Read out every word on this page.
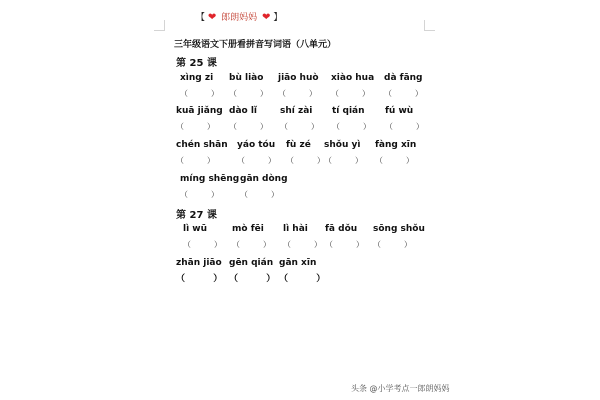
【 ❤ 郎朗妈妈 ❤ 】
三年级语文下册看拼音写词语（八单元）
第 25 课
xìng zi
（         ）
bù liào
（         ）
jiāo huò
（         ）
xiào hua
（         ）
dà fāng
（         ）
kuā jiǎng
（         ）
dào lǐ
（         ）
shí zài
（         ）
tí qián
（         ）
fú wù
（         ）
chén shān
（         ）
yáo tóu
（         ）
fù zé
（         ）
shǒu yì
（         ）
fàng xīn
（         ）
míng shēng
（         ）
gān dòng
（         ）
第 27 课
lì wū
（         ）
mò fēi
（         ）
lì hài
（         ）
fā dǒu
（         ）
sōng shǒu
（         ）
zhān jiāo
（         ）
gēn qián
（         ）
gān xīn
（         ）
头条 @小学考点一郎朗妈妈
